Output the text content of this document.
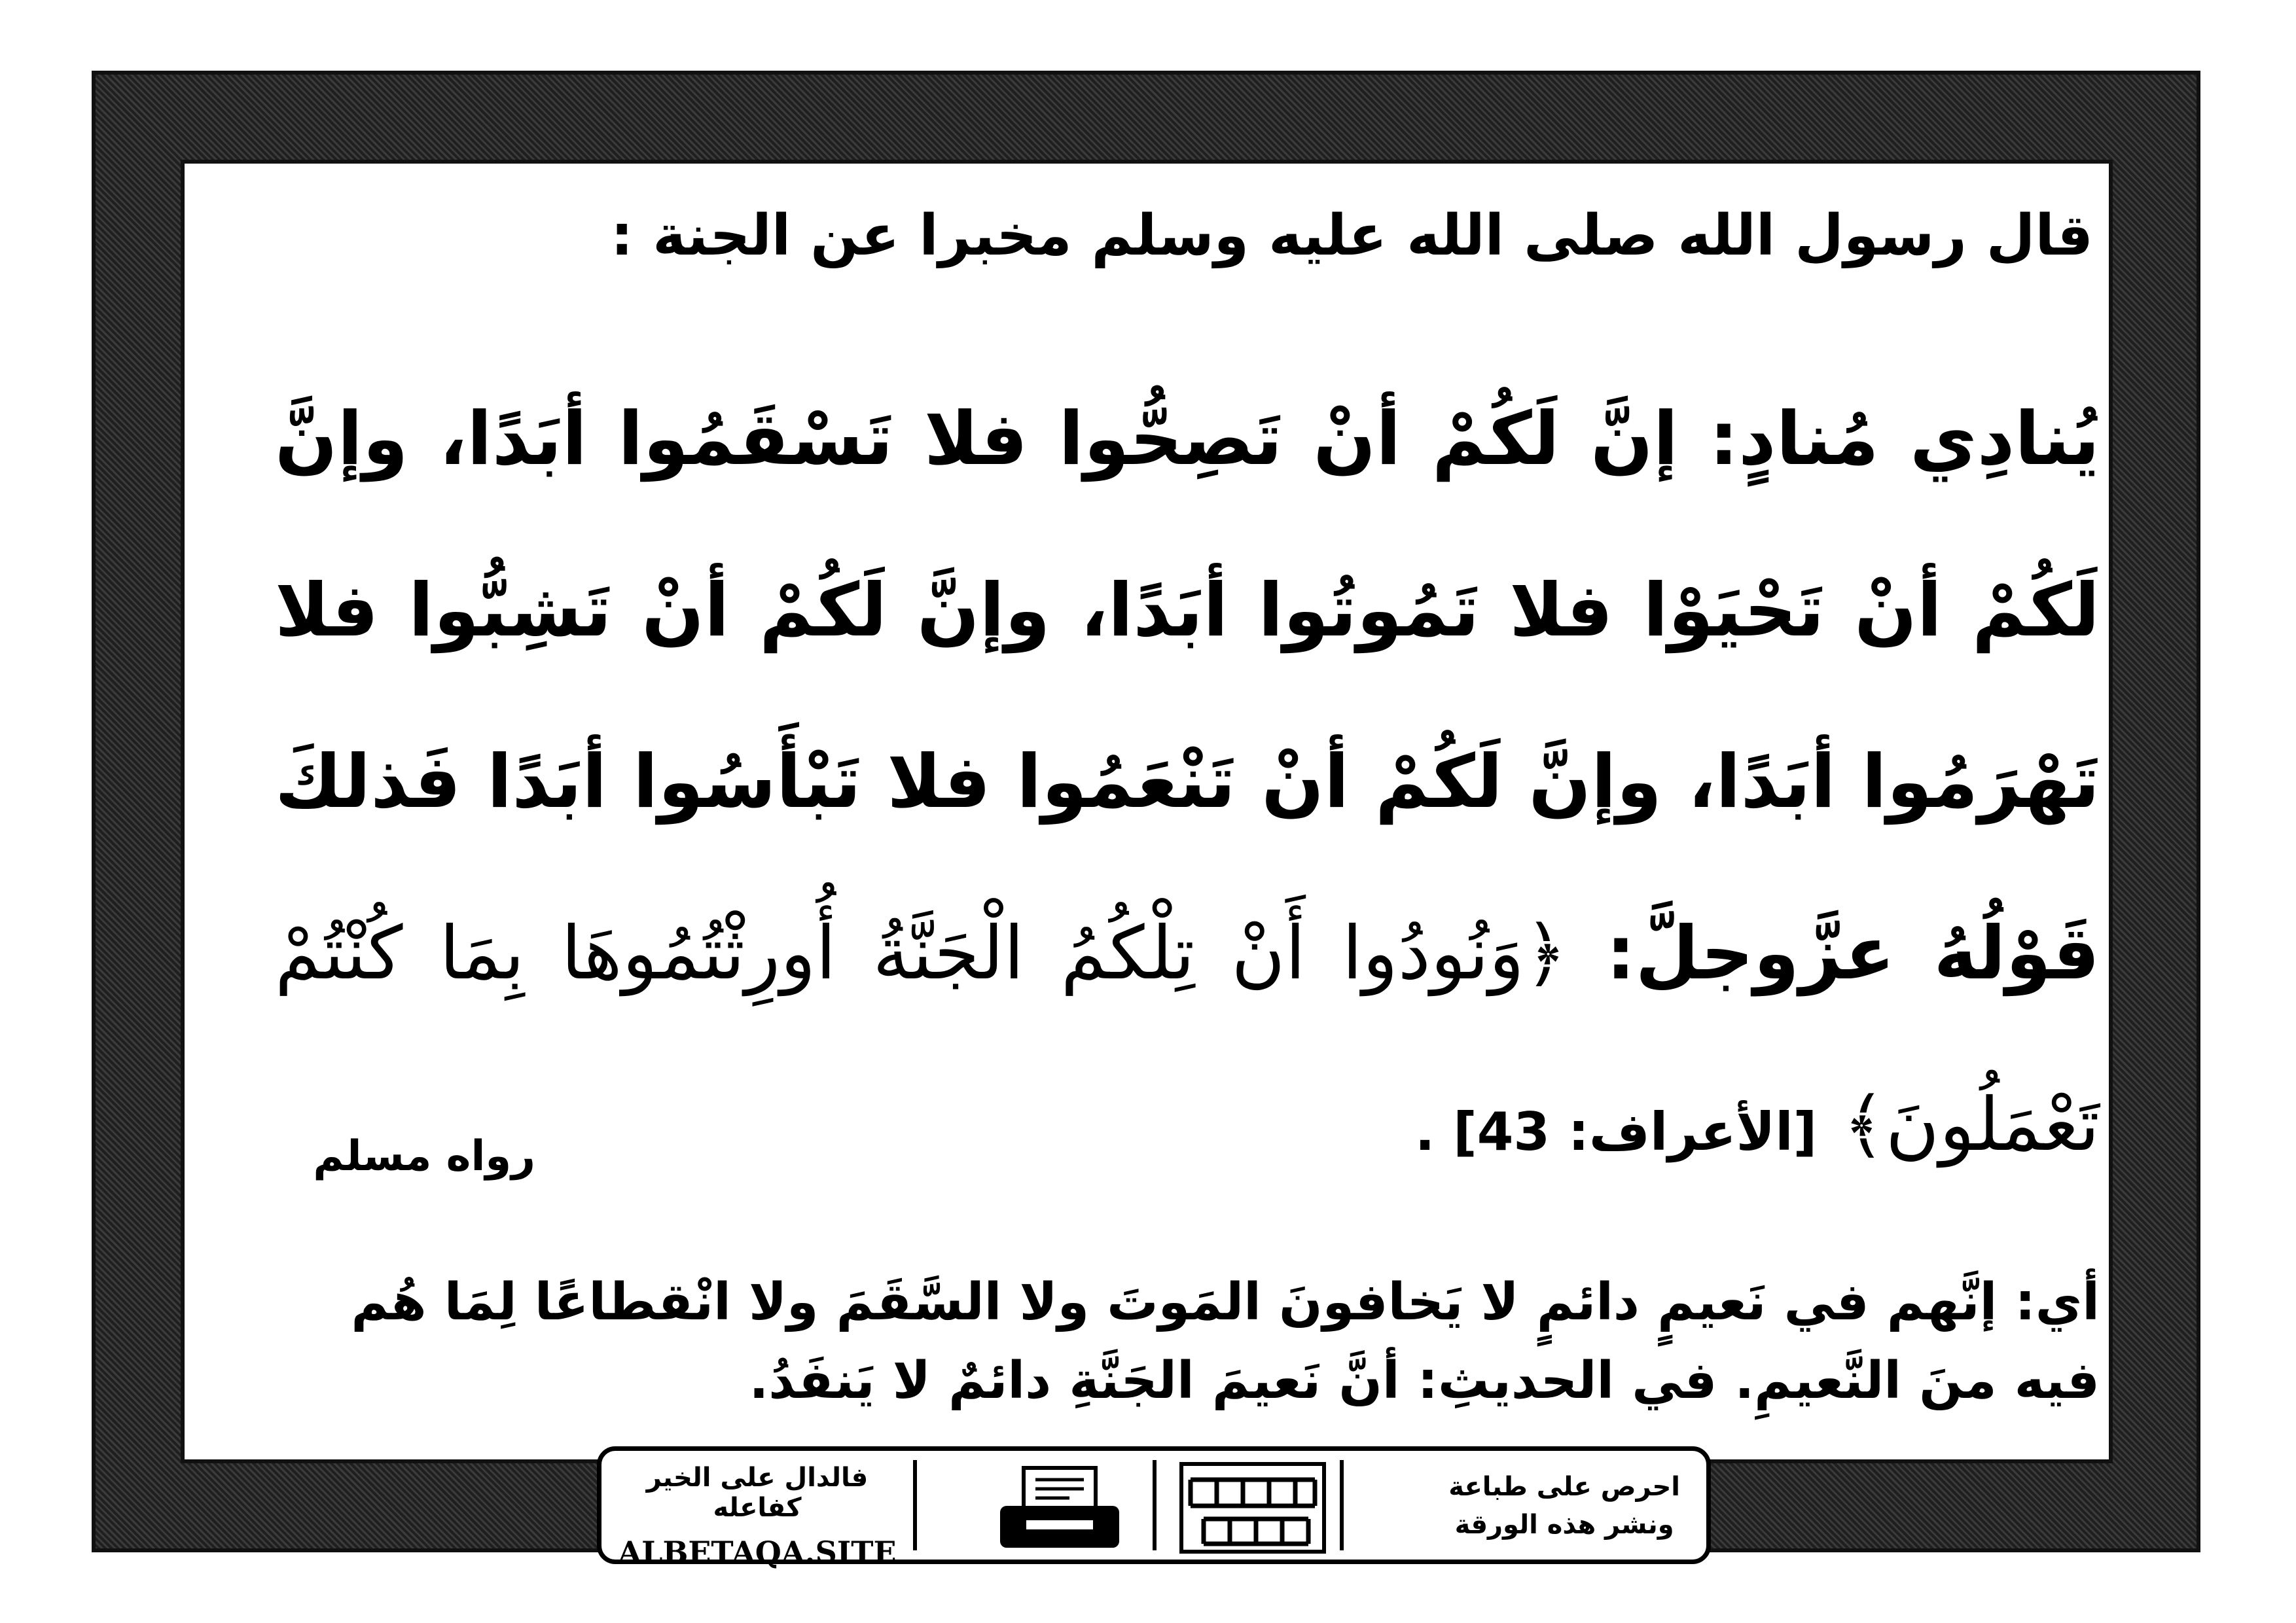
قال رسول الله صلى الله عليه وسلم مخبرا عن الجنة :
يُنادِي مُنادٍ: إنَّ لَكُمْ أنْ تَصِحُّوا فلا تَسْقَمُوا أبَدًا، وإنَّ لَكُمْ أنْ تَحْيَوْا فلا تَمُوتُوا أبَدًا، وإنَّ لَكُمْ أنْ تَشِبُّوا فلا تَهْرَمُوا أبَدًا، وإنَّ لَكُمْ أنْ تَنْعَمُوا فلا تَبْأَسُوا أبَدًا فَذلكَ قَوْلُهُ عزَّوجلَّ: ﴿وَنُودُوا أَنْ تِلْكُمُ الْجَنَّةُ أُورِثْتُمُوهَا بِمَا كُنْتُمْ تَعْمَلُونَ﴾ [الأعراف: 43] .
رواه مسلم
أي: إنَّهم في نَعيمٍ دائمٍ لا يَخافونَ المَوتَ ولا السَّقَمَ ولا انْقطاعًا لِمَا هُم فيه منَ النَّعيمِ. في الحديثِ: أنَّ نَعيمَ الجَنَّةِ دائمٌ لا يَنفَدُ.
فالدال على الخير كفاعله
ALBETAQA.SITE
احرص على طباعة
ونشر هذه الورقة
